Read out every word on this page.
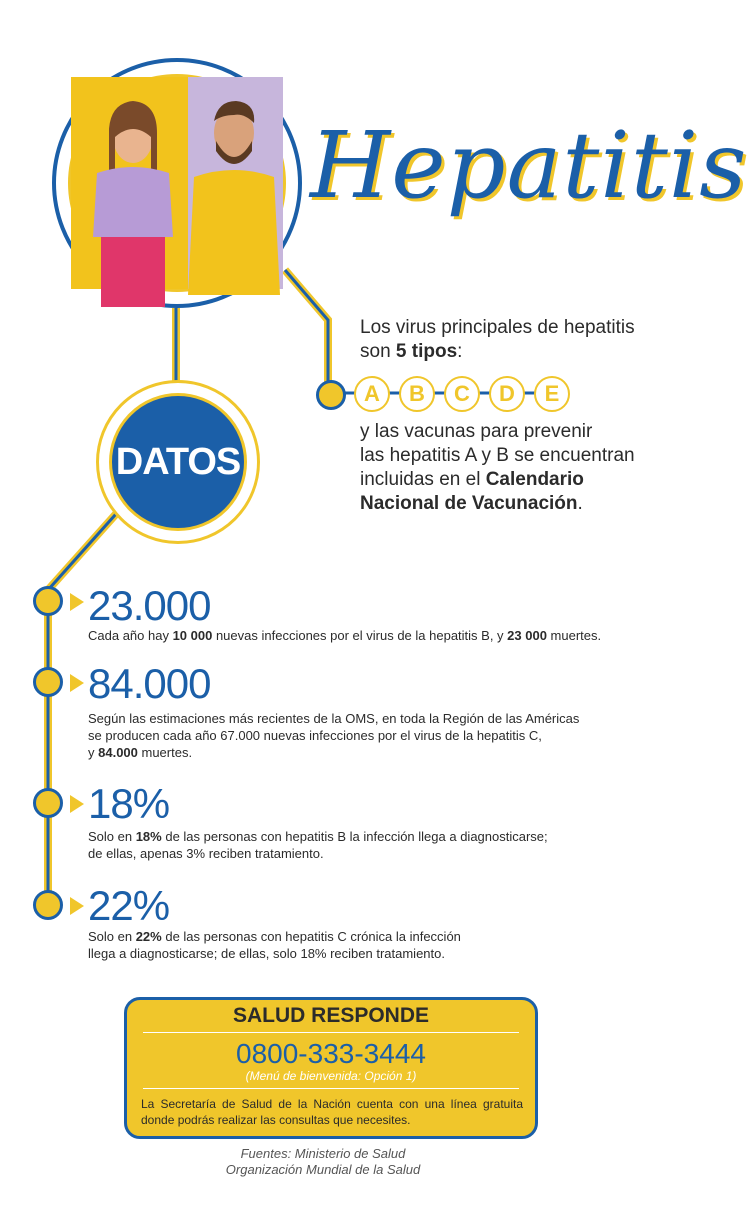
Hepatitis
Los virus principales de hepatitis
son 5 tipos:
A	B	C	D	E
y las vacunas para prevenir
las hepatitis A y B se encuentran
incluidas en el Calendario
Nacional de Vacunación.
DATOS
23.000
Cada año hay 10 000 nuevas infecciones por el virus de la hepatitis B, y 23 000 muertes.
84.000
Según las estimaciones más recientes de la OMS, en toda la Región de las Américas
se producen cada año 67.000 nuevas infecciones por el virus de la hepatitis C,
y 84.000 muertes.
18%
Solo en 18% de las personas con hepatitis B la infección llega a diagnosticarse;
de ellas, apenas 3% reciben tratamiento.
22%
Solo en 22% de las personas con hepatitis C crónica la infección
llega a diagnosticarse; de ellas, solo 18% reciben tratamiento.
SALUD RESPONDE
0800-333-3444
(Menú de bienvenida: Opción 1)
La Secretaría de Salud de la Nación cuenta con una línea gratuita donde podrás realizar las consultas que necesites.
Fuentes: Ministerio de Salud
Organización Mundial de la Salud
